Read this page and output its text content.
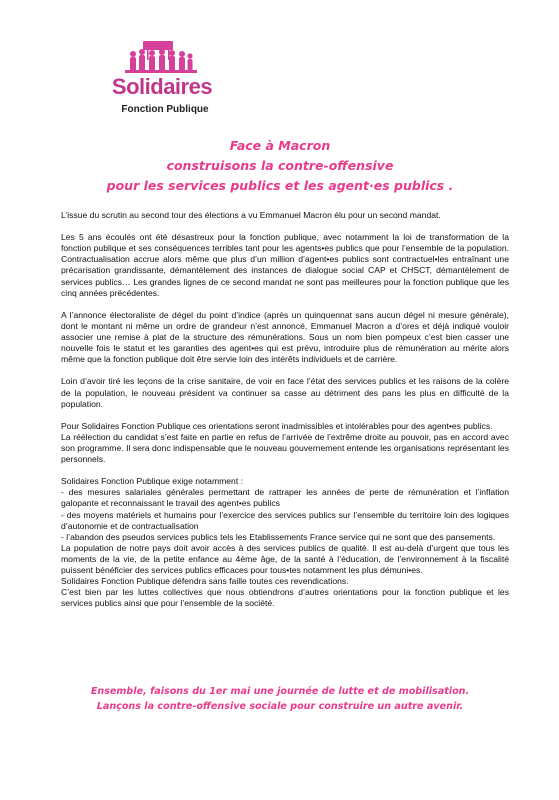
Solidaires
Fonction Publique
Face à Macron
construisons la contre-offensive
pour les services publics et les agent·es publics .

L’issue du scrutin au second tour des élections a vu Emmanuel Macron élu pour un second mandat.

Les 5 ans écoulés ont été désastreux pour la fonction publique, avec notamment la loi de transformation de la fonction publique et ses conséquences terribles tant pour les agents•es publics que pour l’ensemble de la population. Contractualisation accrue alors même que plus d’un million d’agent•es publics sont contractuel•les entraînant une précarisation grandissante, démantèlement des instances de dialogue social CAP et CHSCT, démantèlement de services publics… Les grandes lignes de ce second mandat ne sont pas meilleures pour la fonction publique que les cinq années précédentes.

A l’annonce électoraliste de dégel du point d’indice (après un quinquennat sans aucun dégel ni mesure générale), dont le montant ni même un ordre de grandeur n’est annoncé, Emmanuel Macron a d’ores et déjà indiqué vouloir associer une remise à plat de la structure des rémunérations. Sous un nom bien pompeux c’est bien casser une nouvelle fois le statut et les garanties des agent•es qui est prévu, introduire plus de rémunération au mérite alors même que la fonction publique doit être servie loin des intérêts individuels et de carrière.

Loin d’avoir tiré les leçons de la crise sanitaire, de voir en face l’état des services publics et les raisons de la colère de la population, le nouveau président va continuer sa casse au détriment des pans les plus en difficulté de la population.

Pour Solidaires Fonction Publique ces orientations seront inadmissibles et intolérables pour des agent•es publics.

La réélection du candidat s’est faite en partie en refus de l’arrivée de l’extrême droite au pouvoir, pas en accord avec son programme. Il sera donc indispensable que le nouveau gouvernement entende les organisations représentant les personnels.

Solidaires Fonction Publique exige notamment :

- des mesures salariales générales permettant de rattraper les années de perte de rémunération et l’inflation galopante et reconnaissant le travail des agent•es publics

- des moyens matériels et humains pour l’exercice des services publics sur l’ensemble du territoire loin des logiques d’autonomie et de contractualisation

- l’abandon des pseudos services publics tels les Etablissements France service qui ne sont que des pansements.

La population de notre pays doit avoir accès à des services publics de qualité. Il est au-delà d’urgent que tous les moments de la vie, de la petite enfance au 4ème âge, de la santé à l’éducation, de l’environnement à la fiscalité puissent bénéficier des services publics efficaces pour tous•tes notamment les plus démuni•es.

Solidaires Fonction Publique défendra sans faille toutes ces revendications.

C’est bien par les luttes collectives que nous obtiendrons d’autres orientations pour la fonction publique et les services publics ainsi que pour l’ensemble de la société.

Ensemble, faisons du 1er mai une journée de lutte et de mobilisation.
Lançons la contre-offensive sociale pour construire un autre avenir.
